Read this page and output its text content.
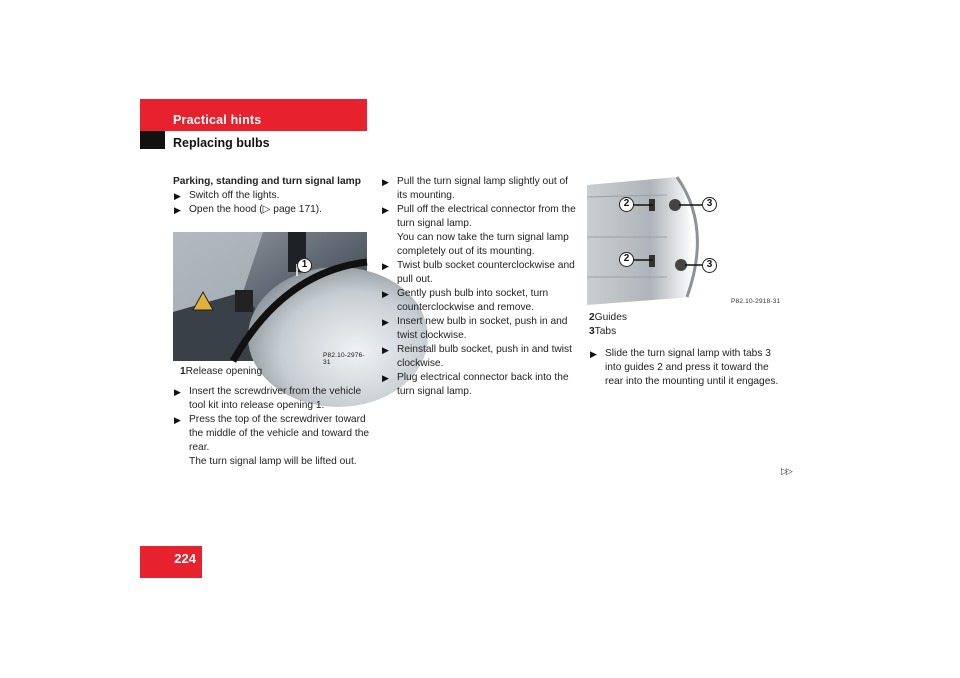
Practical hints
Replacing bulbs

Parking, standing and turn signal lamp

▶ Switch off the lights.

▶ Open the hood (▷ page 171).

1
P82.10-2976-31

1Release opening

▶ Insert the screwdriver from the vehicle tool kit into release opening 1.

▶ Press the top of the screwdriver toward the middle of the vehicle and toward the rear.

The turn signal lamp will be lifted out.

▶ Pull the turn signal lamp slightly out of its mounting.

▶ Pull off the electrical connector from the turn signal lamp.

You can now take the turn signal lamp completely out of its mounting.

▶ Twist bulb socket counterclockwise and pull out.

▶ Gently push bulb into socket, turn counterclockwise and remove.

▶ Insert new bulb in socket, push in and twist clockwise.

▶ Reinstall bulb socket, push in and twist clockwise.

▶ Plug electrical connector back into the turn signal lamp.

2	3
2
3
P82.10-2918-31

2Guides

3Tabs

▶ Slide the turn signal lamp with tabs 3 into guides 2 and press it toward the rear into the mounting until it engages.

▷▷
224
